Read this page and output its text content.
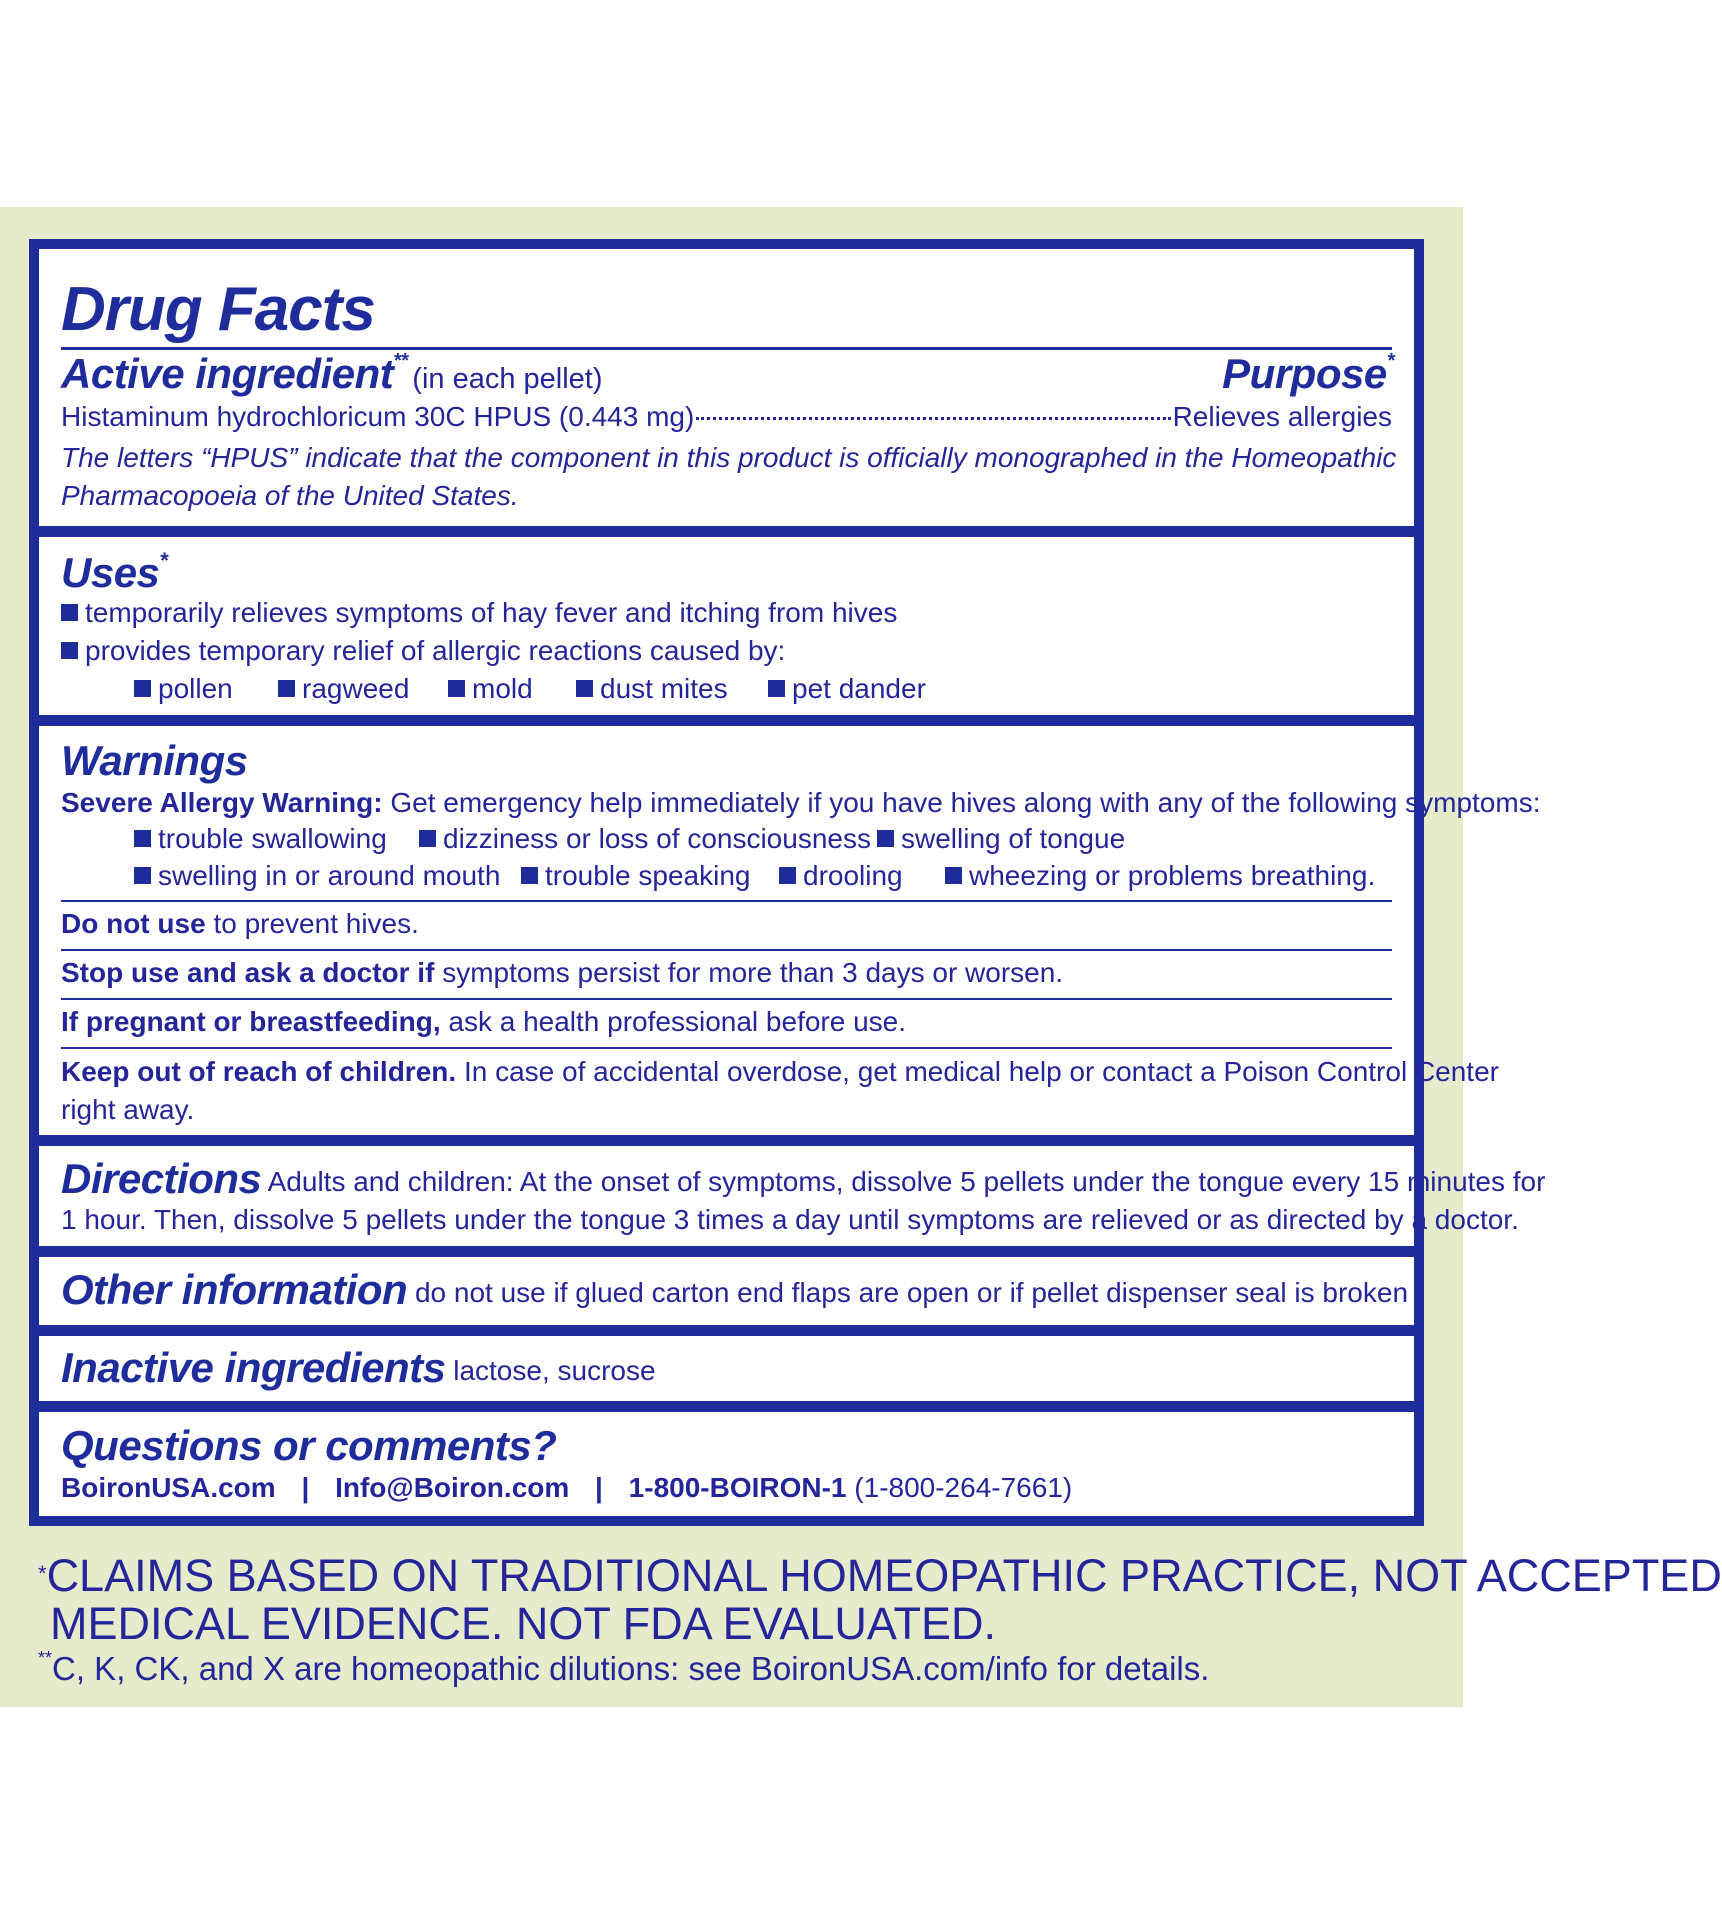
Drug Facts
Active ingredient** (in each pellet)	Purpose*
Histaminum hydrochloricum 30C HPUS (0.443 mg)	Relieves allergies
The letters “HPUS” indicate that the component in this product is officially monographed in the Homeopathic
Pharmacopoeia of the United States.
Uses*
temporarily relieves symptoms of hay fever and itching from hives
provides temporary relief of allergic reactions caused by:
pollen	ragweed	mold	dust mites	pet dander
Warnings
Severe Allergy Warning: Get emergency help immediately if you have hives along with any of the following symptoms:
trouble swallowing	dizziness or loss of consciousness	swelling of tongue
swelling in or around mouth	trouble speaking	drooling	wheezing or problems breathing.
Do not use to prevent hives.
Stop use and ask a doctor if symptoms persist for more than 3 days or worsen.
If pregnant or breastfeeding, ask a health professional before use.
Keep out of reach of children. In case of accidental overdose, get medical help or contact a Poison Control Center
right away.
Directions Adults and children: At the onset of symptoms, dissolve 5 pellets under the tongue every 15 minutes for
1 hour. Then, dissolve 5 pellets under the tongue 3 times a day until symptoms are relieved or as directed by a doctor.
Other information do not use if glued carton end flaps are open or if pellet dispenser seal is broken
Inactive ingredients lactose, sucrose
Questions or comments?
BoironUSA.com | Info@Boiron.com | 1-800-BOIRON-1 (1-800-264-7661)
*CLAIMS BASED ON TRADITIONAL HOMEOPATHIC PRACTICE, NOT ACCEPTED
MEDICAL EVIDENCE. NOT FDA EVALUATED.
**C, K, CK, and X are homeopathic dilutions: see BoironUSA.com/info for details.
